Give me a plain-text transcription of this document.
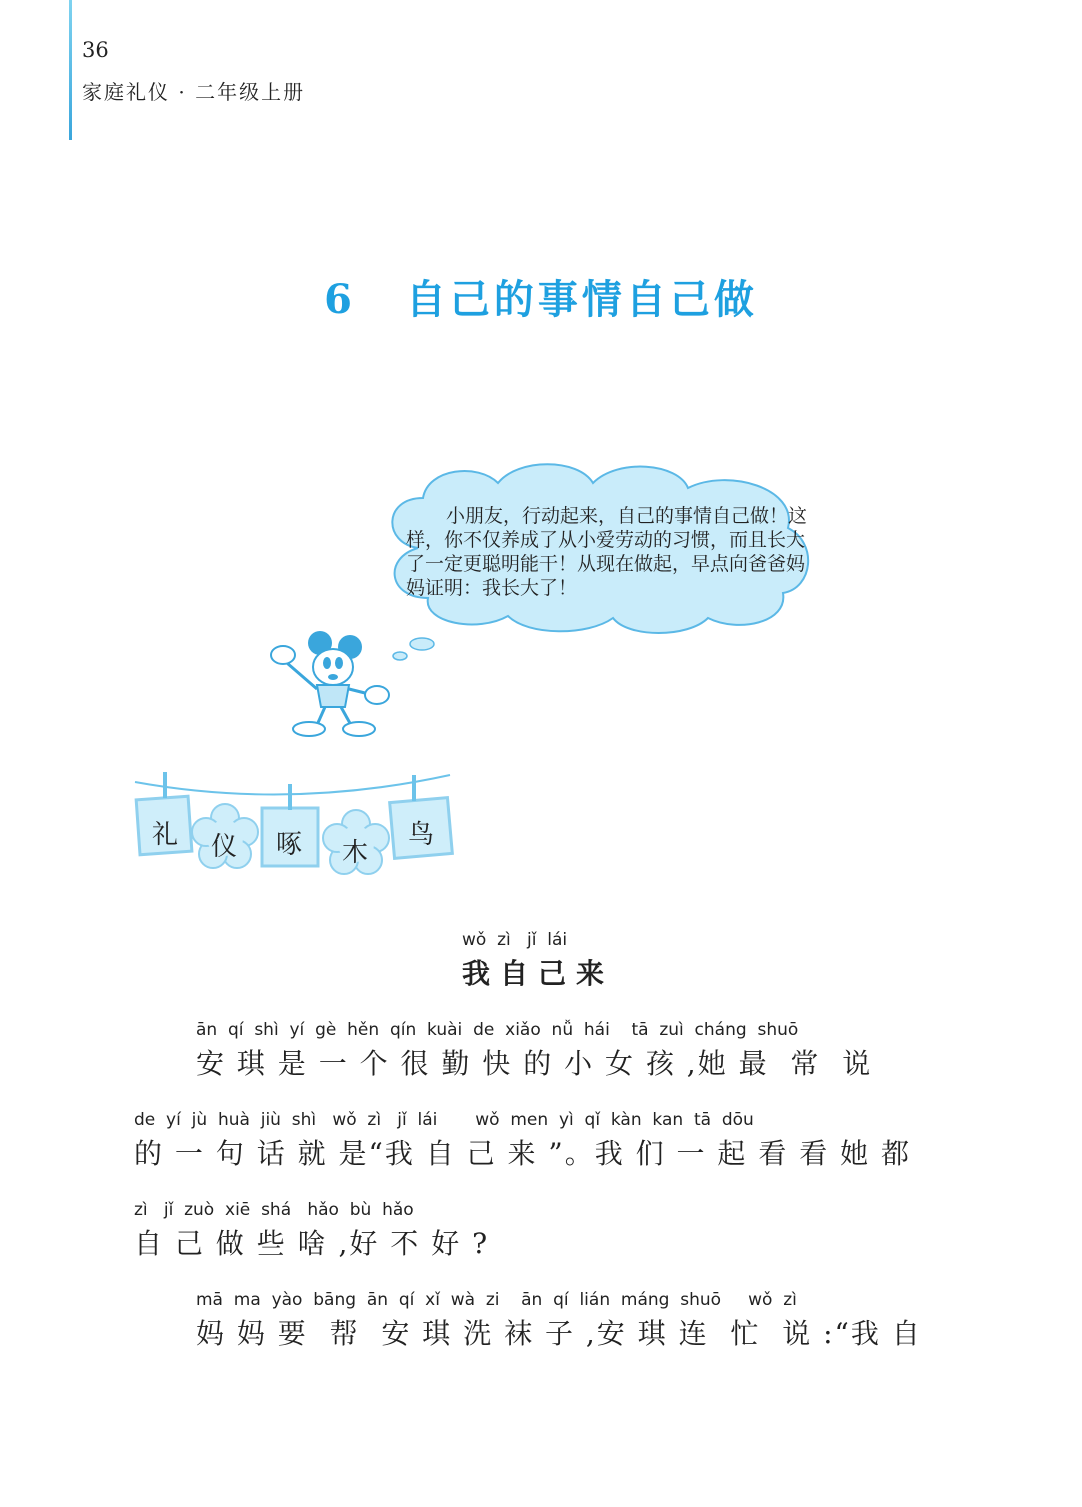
36
家庭礼仪 · 二年级上册
6 自己的事情自己做
小朋友，行动起来，自己的事情自己做！这样，你不仅养成了从小爱劳动的习惯，而且长大了一定更聪明能干！从现在做起，早点向爸爸妈妈证明：我长大了！
礼 仪 啄 木
鸟
wǒ  zì   jǐ  lái
我自己来
ān  qí  shì  yí  gè  hěn  qín  kuài  de  xiǎo  nǚ  hái    tā  zuì  cháng  shuō
安 琪 是 一 个 很 勤 快 的 小 女 孩 ,她 最  常  说
de  yí  jù  huà  jiù  shì   wǒ  zì   jǐ  lái       wǒ  men  yì  qǐ  kàn  kan  tā  dōu
的 一 句 话 就 是“我 自 己 来 ”。我 们 一 起 看 看 她 都
zì   jǐ  zuò  xiē  shá   hǎo  bù  hǎo
自 己 做 些 啥 ,好 不 好 ?
mā  ma  yào  bāng  ān  qí  xǐ  wà  zi    ān  qí  lián  máng  shuō     wǒ  zì
妈 妈 要  帮  安 琪 洗 袜 子 ,安 琪 连  忙  说 :“我 自
